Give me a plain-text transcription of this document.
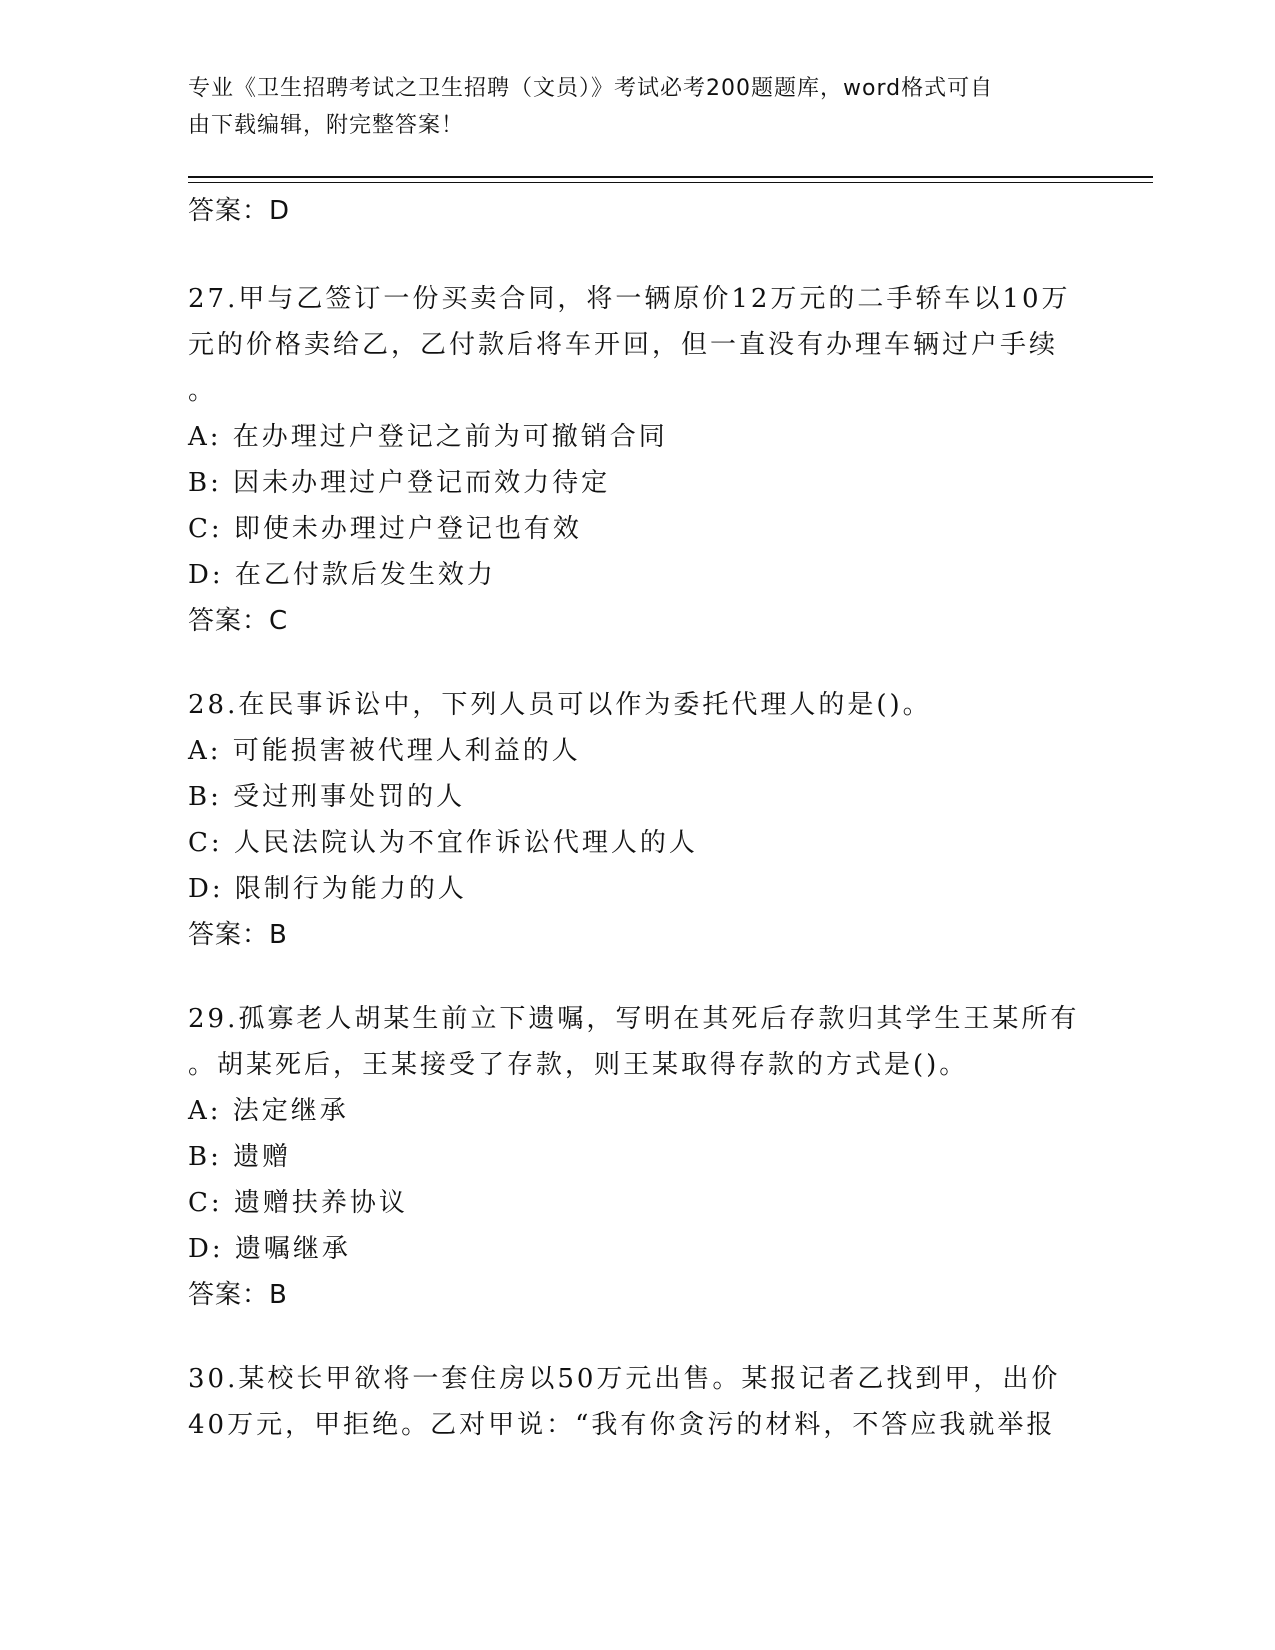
专业《卫生招聘考试之卫生招聘（文员）》考试必考200题题库，word格式可自
由下载编辑，附完整答案！
答案：D
27.甲与乙签订一份买卖合同，将一辆原价12万元的二手轿车以10万
元的价格卖给乙，乙付款后将车开回，但一直没有办理车辆过户手续
。
A: 在办理过户登记之前为可撤销合同
B: 因未办理过户登记而效力待定
C: 即使未办理过户登记也有效
D: 在乙付款后发生效力
答案：C
28.在民事诉讼中，下列人员可以作为委托代理人的是()。
A: 可能损害被代理人利益的人
B: 受过刑事处罚的人
C: 人民法院认为不宜作诉讼代理人的人
D: 限制行为能力的人
答案：B
29.孤寡老人胡某生前立下遗嘱，写明在其死后存款归其学生王某所有
。胡某死后，王某接受了存款，则王某取得存款的方式是()。
A: 法定继承
B: 遗赠
C: 遗赠扶养协议
D: 遗嘱继承
答案：B
30.某校长甲欲将一套住房以50万元出售。某报记者乙找到甲，出价
40万元，甲拒绝。乙对甲说：“我有你贪污的材料，不答应我就举报
